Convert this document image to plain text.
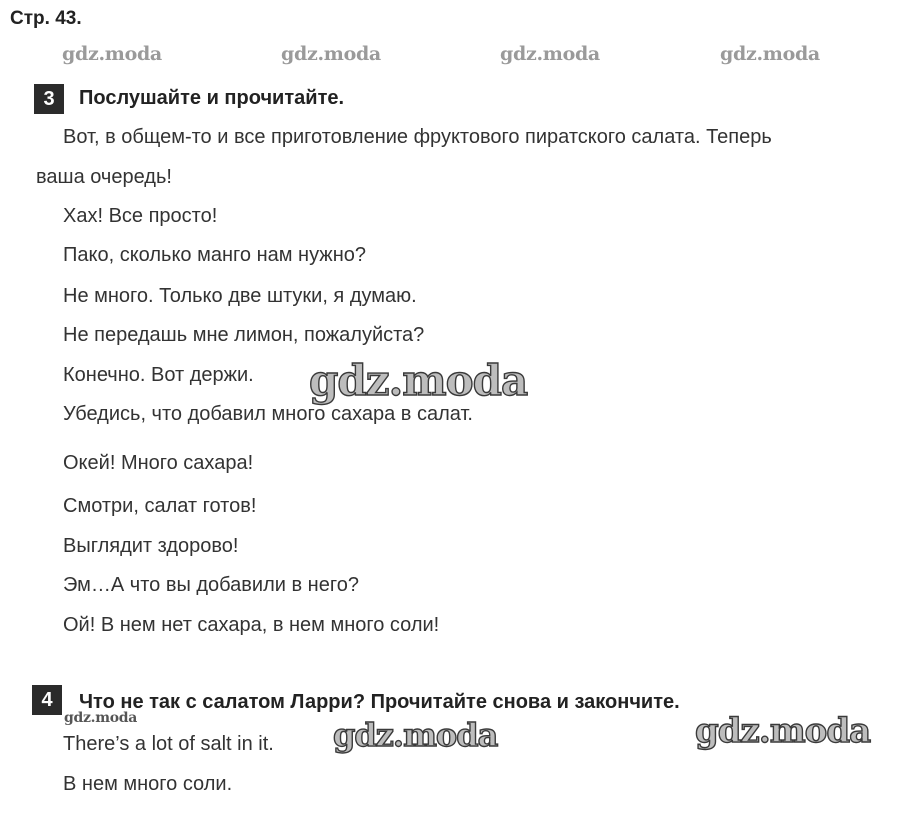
Стр. 43.
gdz.moda	gdz.moda	gdz.moda	gdz.moda
3	Послушайте и прочитайте.
Вот, в общем-то и все приготовление фруктового пиратского салата. Теперь
ваша очередь!
Хах! Все просто!
Пако, сколько манго нам нужно?
Не много. Только две штуки, я думаю.
Не передашь мне лимон, пожалуйста?
Конечно. Вот держи.
Убедись, что добавил много сахара в салат.
Окей! Много сахара!
Смотри, салат готов!
Выглядит здорово!
Эм…А что вы добавили в него?
Ой! В нем нет сахара, в нем много соли!
gdz.moda
4	Что не так с салатом Ларри? Прочитайте снова и закончите.
gdz.moda
There’s a lot of salt in it. gdz.moda	gdz.moda
В нем много соли.
